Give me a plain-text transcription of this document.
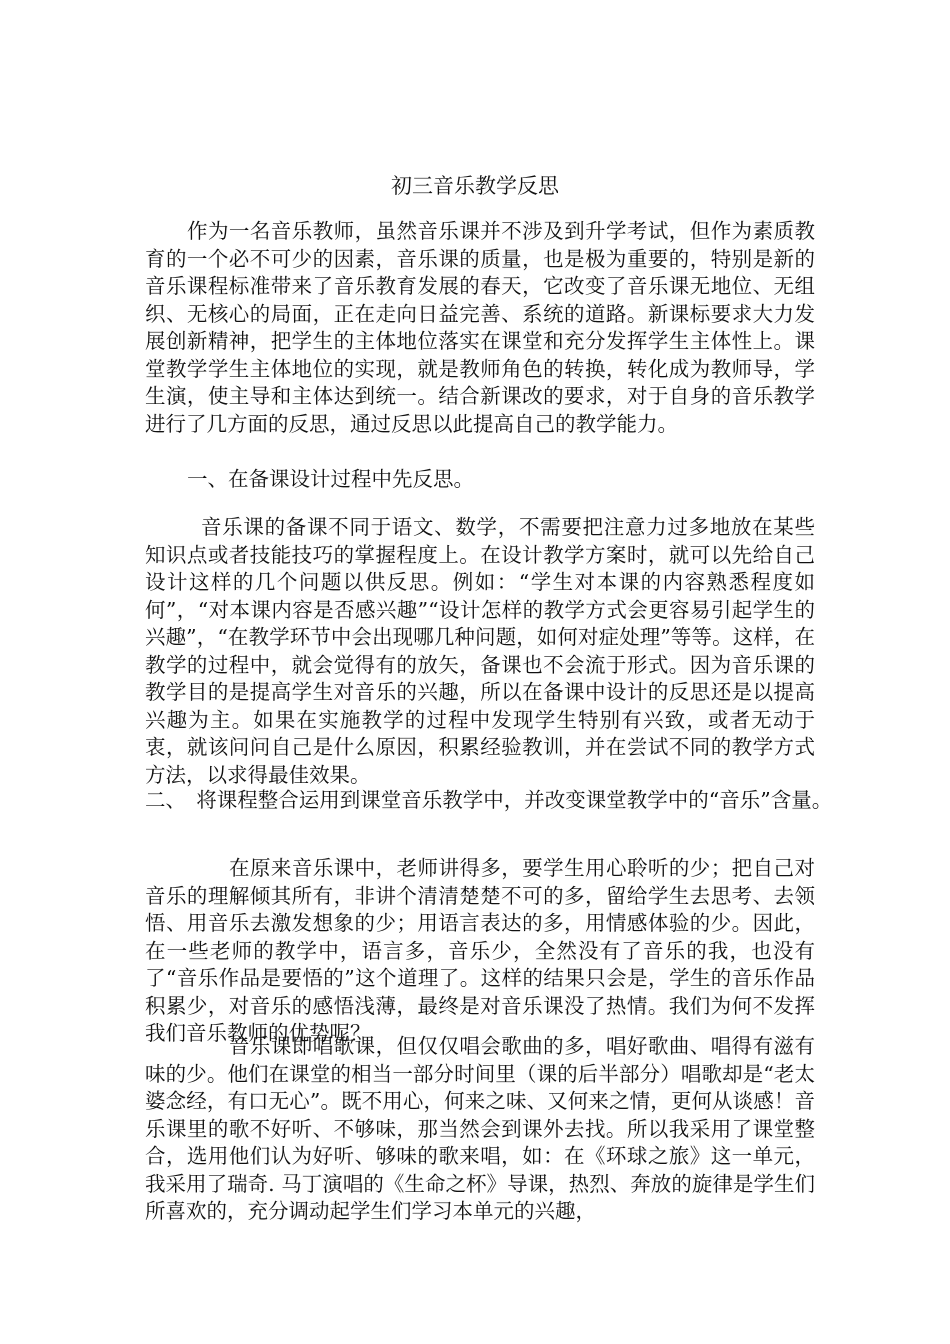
初三音乐教学反思

作为一名音乐教师，虽然音乐课并不涉及到升学考试，但作为素质教育的一个必不可少的因素，音乐课的质量，也是极为重要的，特别是新的音乐课程标准带来了音乐教育发展的春天，它改变了音乐课无地位、无组织、无核心的局面，正在走向日益完善、系统的道路。新课标要求大力发展创新精神，把学生的主体地位落实在课堂和充分发挥学生主体性上。课堂教学学生主体地位的实现，就是教师角色的转换，转化成为教师导，学生演，使主导和主体达到统一。结合新课改的要求，对于自身的音乐教学进行了几方面的反思，通过反思以此提高自己的教学能力。

一、在备课设计过程中先反思。

音乐课的备课不同于语文、数学，不需要把注意力过多地放在某些知识点或者技能技巧的掌握程度上。在设计教学方案时，就可以先给自己设计这样的几个问题以供反思。例如：“学生对本课的内容熟悉程度如何”，“对本课内容是否感兴趣”“设计怎样的教学方式会更容易引起学生的兴趣”，“在教学环节中会出现哪几种问题，如何对症处理”等等。这样，在教学的过程中，就会觉得有的放矢，备课也不会流于形式。因为音乐课的教学目的是提高学生对音乐的兴趣，所以在备课中设计的反思还是以提高兴趣为主。如果在实施教学的过程中发现学生特别有兴致，或者无动于衷，就该问问自己是什么原因，积累经验教训，并在尝试不同的教学方式方法，以求得最佳效果。

二、　将课程整合运用到课堂音乐教学中，并改变课堂教学中的“音乐”含量。

在原来音乐课中，老师讲得多，要学生用心聆听的少；把自己对音乐的理解倾其所有，非讲个清清楚楚不可的多，留给学生去思考、去领悟、用音乐去激发想象的少；用语言表达的多，用情感体验的少。因此，在一些老师的教学中，语言多，音乐少，全然没有了音乐的我，也没有了“音乐作品是要悟的”这个道理了。这样的结果只会是，学生的音乐作品积累少，对音乐的感悟浅薄，最终是对音乐课没了热情。我们为何不发挥我们音乐教师的优势呢？

音乐课即唱歌课，但仅仅唱会歌曲的多，唱好歌曲、唱得有滋有味的少。他们在课堂的相当一部分时间里（课的后半部分）唱歌却是“老太婆念经，有口无心”。既不用心，何来之味、又何来之情，更何从谈感！音乐课里的歌不好听、不够味，那当然会到课外去找。所以我采用了课堂整合，选用他们认为好听、够味的歌来唱，如：在《环球之旅》这一单元，我采用了瑞奇. 马丁演唱的《生命之杯》导课，热烈、奔放的旋律是学生们所喜欢的，充分调动起学生们学习本单元的兴趣，
